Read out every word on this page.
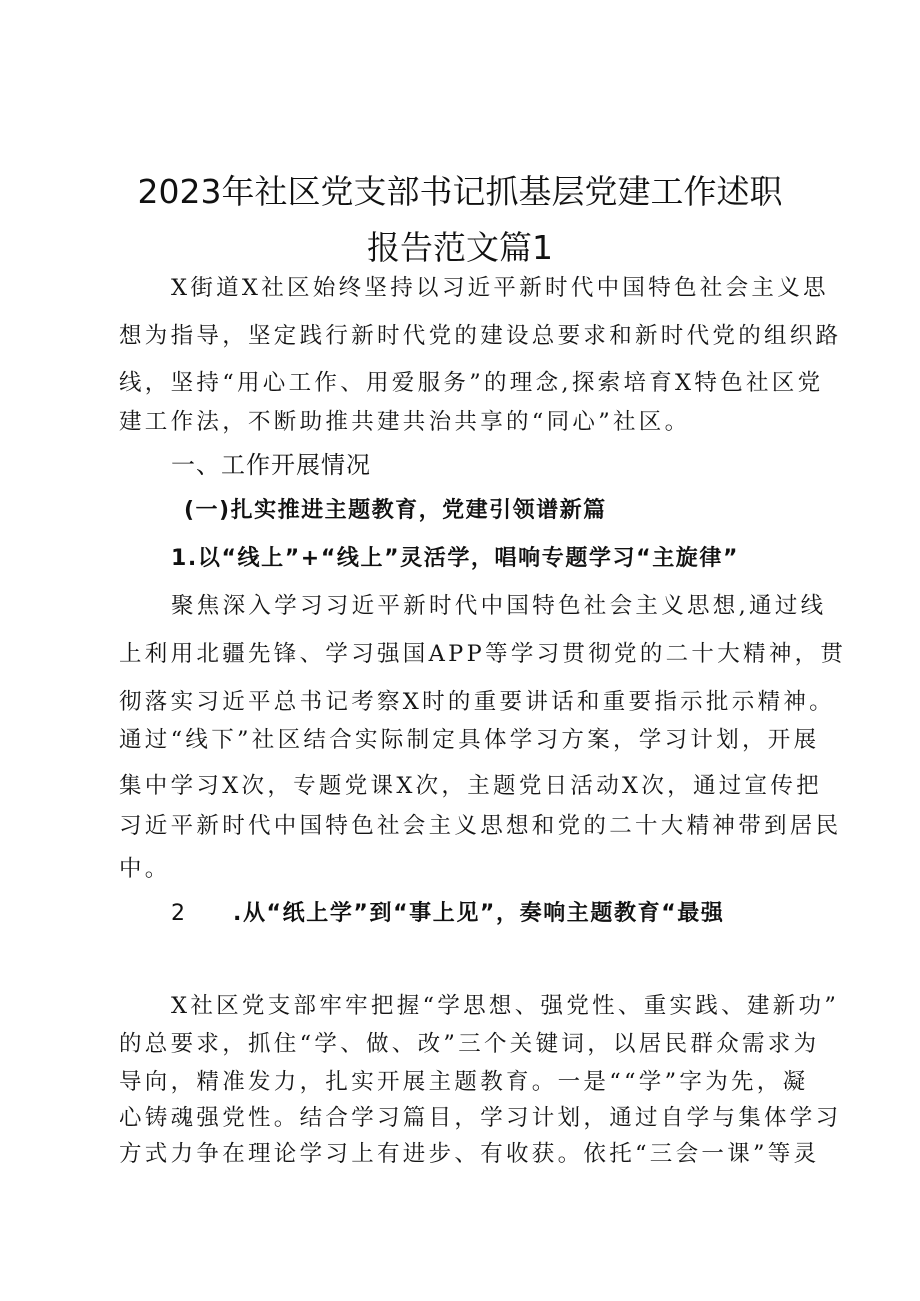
2023年社区党支部书记抓基层党建工作述职
报告范文篇1
X街道X社区始终坚持以习近平新时代中国特色社会主义思
想为指导，坚定践行新时代党的建设总要求和新时代党的组织路
线，坚持“用心工作、用爱服务”的理念,探索培育X特色社区党
建工作法，不断助推共建共治共享的“同心”社区。
一、工作开展情况
(一)扎实推进主题教育，党建引领谱新篇
1.以“线上”+“线上”灵活学，唱响专题学习“主旋律”
聚焦深入学习习近平新时代中国特色社会主义思想,通过线
上利用北疆先锋、学习强国APP等学习贯彻党的二十大精神，贯
彻落实习近平总书记考察X时的重要讲话和重要指示批示精神。
通过“线下”社区结合实际制定具体学习方案，学习计划，开展
集中学习X次，专题党课X次，主题党日活动X次，通过宣传把
习近平新时代中国特色社会主义思想和党的二十大精神带到居民
中。
2 .从“纸上学”到“事上见”，奏响主题教育“最强
X社区党支部牢牢把握“学思想、强党性、重实践、建新功”
的总要求，抓住“学、做、改”三个关键词，以居民群众需求为
导向，精准发力，扎实开展主题教育。一是““学”字为先，凝
心铸魂强党性。结合学习篇目，学习计划，通过自学与集体学习
方式力争在理论学习上有进步、有收获。依托“三会一课”等灵
